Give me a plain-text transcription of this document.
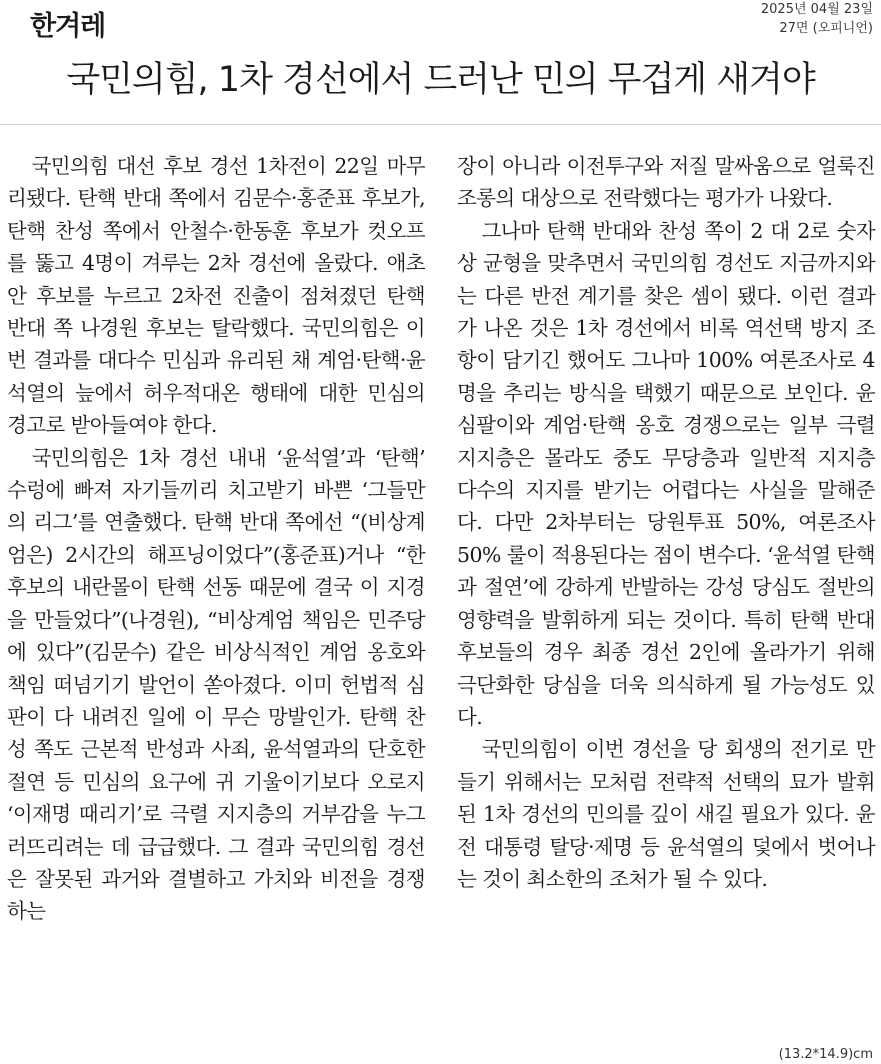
한겨레
2025년 04월 23일
27면 (오피니언)
국민의힘, 1차 경선에서 드러난 민의 무겁게 새겨야

국민의힘 대선 후보 경선 1차전이 22일 마무리됐다. 탄핵 반대 쪽에서 김문수·홍준표 후보가, 탄핵 찬성 쪽에서 안철수·한동훈 후보가 컷오프를 뚫고 4명이 겨루는 2차 경선에 올랐다. 애초 안 후보를 누르고 2차전 진출이 점쳐졌던 탄핵 반대 쪽 나경원 후보는 탈락했다. 국민의힘은 이번 결과를 대다수 민심과 유리된 채 계엄·탄핵·윤석열의 늪에서 허우적대온 행태에 대한 민심의 경고로 받아들여야 한다.

국민의힘은 1차 경선 내내 ‘윤석열’과 ‘탄핵’ 수렁에 빠져 자기들끼리 치고받기 바쁜 ‘그들만의 리그’를 연출했다. 탄핵 반대 쪽에선 “(비상계엄은) 2시간의 해프닝이었다”(홍준표)거나 “한 후보의 내란몰이 탄핵 선동 때문에 결국 이 지경을 만들었다”(나경원), “비상계엄 책임은 민주당에 있다”(김문수) 같은 비상식적인 계엄 옹호와 책임 떠넘기기 발언이 쏟아졌다. 이미 헌법적 심판이 다 내려진 일에 이 무슨 망발인가. 탄핵 찬성 쪽도 근본적 반성과 사죄, 윤석열과의 단호한 절연 등 민심의 요구에 귀 기울이기보다 오로지 ‘이재명 때리기’로 극렬 지지층의 거부감을 누그러뜨리려는 데 급급했다. 그 결과 국민의힘 경선은 잘못된 과거와 결별하고 가치와 비전을 경쟁하는

장이 아니라 이전투구와 저질 말싸움으로 얼룩진 조롱의 대상으로 전락했다는 평가가 나왔다.

그나마 탄핵 반대와 찬성 쪽이 2 대 2로 숫자상 균형을 맞추면서 국민의힘 경선도 지금까지와는 다른 반전 계기를 찾은 셈이 됐다. 이런 결과가 나온 것은 1차 경선에서 비록 역선택 방지 조항이 담기긴 했어도 그나마 100% 여론조사로 4명을 추리는 방식을 택했기 때문으로 보인다. 윤심팔이와 계엄·탄핵 옹호 경쟁으로는 일부 극렬 지지층은 몰라도 중도 무당층과 일반적 지지층 다수의 지지를 받기는 어렵다는 사실을 말해준다. 다만 2차부터는 당원투표 50%, 여론조사 50% 룰이 적용된다는 점이 변수다. ‘윤석열 탄핵과 절연’에 강하게 반발하는 강성 당심도 절반의 영향력을 발휘하게 되는 것이다. 특히 탄핵 반대 후보들의 경우 최종 경선 2인에 올라가기 위해 극단화한 당심을 더욱 의식하게 될 가능성도 있다.

국민의힘이 이번 경선을 당 회생의 전기로 만들기 위해서는 모처럼 전략적 선택의 묘가 발휘된 1차 경선의 민의를 깊이 새길 필요가 있다. 윤 전 대통령 탈당·제명 등 윤석열의 덫에서 벗어나는 것이 최소한의 조처가 될 수 있다.

(13.2*14.9)cm
